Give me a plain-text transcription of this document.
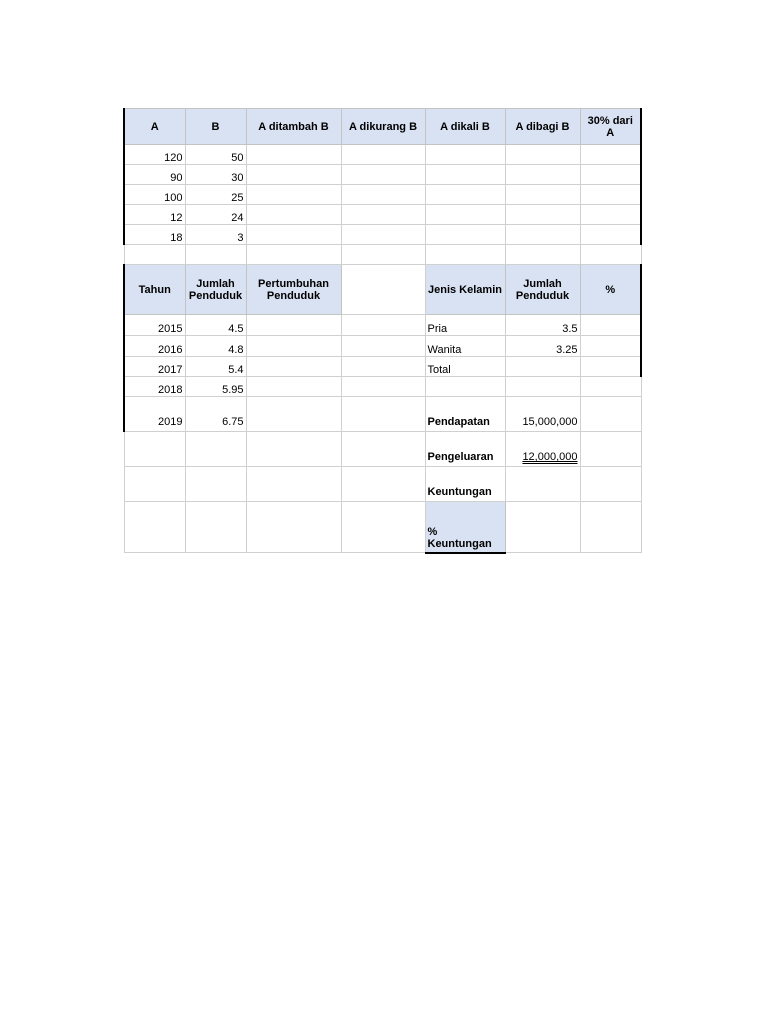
A	B	A ditambah B	A dikurang B	A dikali B	A dibagi B	30% dari A
120	50					
90	30					
100	25					
12	24					
18	3					

Tahun	Jumlah Penduduk	Pertumbuhan Penduduk		Jenis Kelamin	Jumlah Penduduk	%
2015	4.5			Pria	3.5	
2016	4.8			Wanita	3.25	
2017	5.4			Total		
2018	5.95					
2019	6.75			Pendapatan	15,000,000	
				Pengeluaran	12,000,000	
				Keuntungan		
				% Keuntungan		
